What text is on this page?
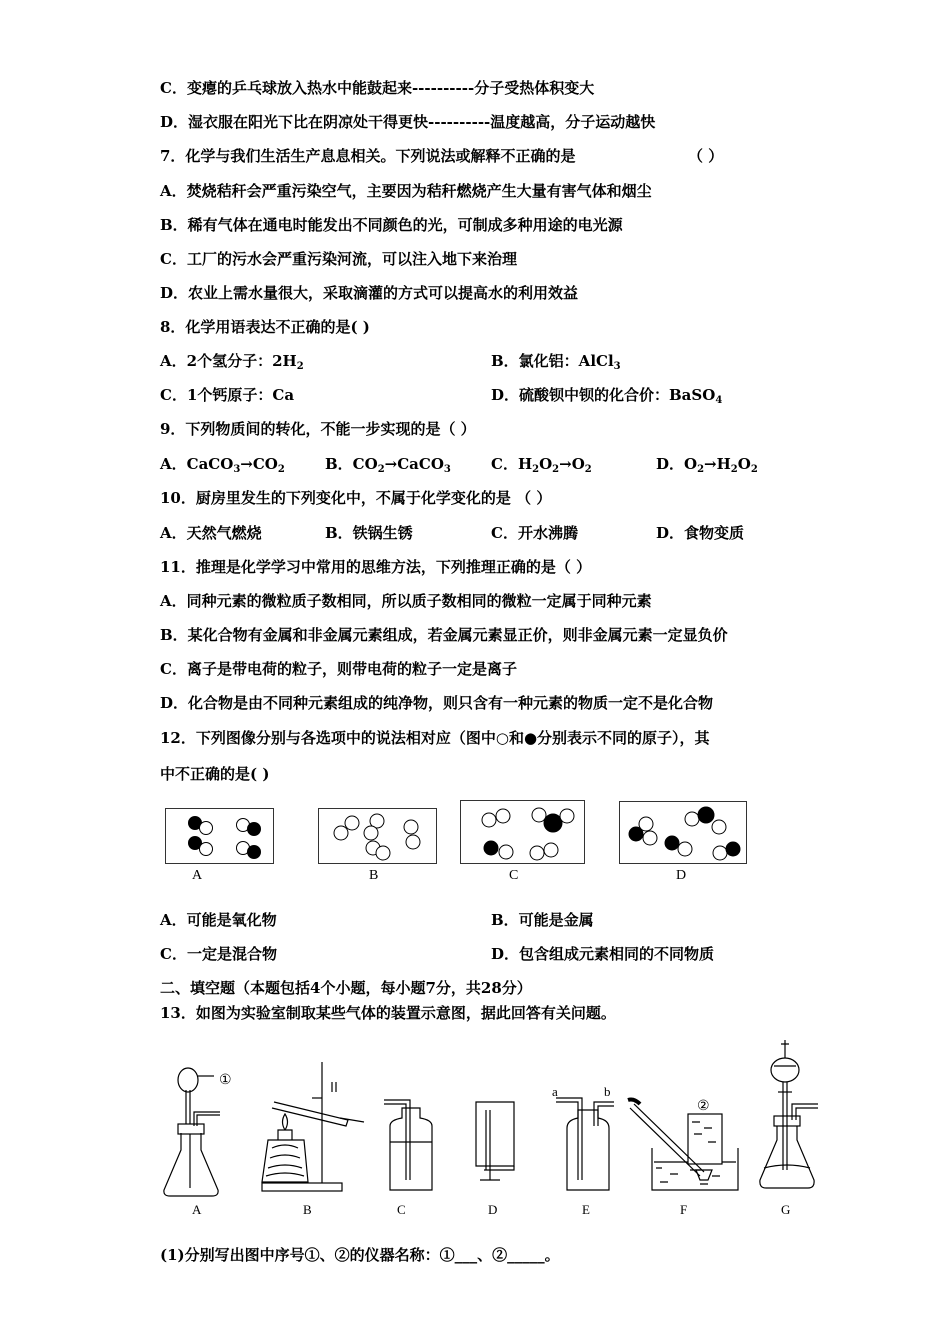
C．变瘪的乒乓球放入热水中能鼓起来----------分子受热体积变大
D．湿衣服在阳光下比在阴凉处干得更快----------温度越高，分子运动越快
7．化学与我们生活生产息息相关。下列说法或解释不正确的是	（ ）
A．焚烧秸秆会严重污染空气，主要因为秸秆燃烧产生大量有害气体和烟尘
B．稀有气体在通电时能发出不同颜色的光，可制成多种用途的电光源
C．工厂的污水会严重污染河流，可以注入地下来治理
D．农业上需水量很大，采取滴灌的方式可以提高水的利用效益
8．化学用语表达不正确的是( )
A．2个氢分子：$2H_2$	B．氯化铝：AlCl$_3$
C．1个钙原子：Ca	D．硫酸钡中钡的化合价：BaSO$_4$
9．下列物质间的转化，不能一步实现的是（ ）
A．$CaCO_3\to CO_2$	B．$CO_2\to CaCO_3$	C．$H_2O_2\to O_2$	D．$O_2\to H_2O_2$
10．厨房里发生的下列变化中，不属于化学变化的是 （ ）
A．天然气燃烧	B．铁锅生锈	C．开水沸腾	D．食物变质
11．推理是化学学习中常用的思维方法，下列推理正确的是（ ）
A．同种元素的微粒质子数相同，所以质子数相同的微粒一定属于同种元素
B．某化合物有金属和非金属元素组成，若金属元素显正价，则非金属元素一定显负价
C．离子是带电荷的粒子，则带电荷的粒子一定是离子
D．化合物是由不同种元素组成的纯净物，则只含有一种元素的物质一定不是化合物
12．下列图像分别与各选项中的说法相对应（图中○和●分别表示不同的原子），其
中不正确的是( )
A	B	C	D
A．可能是氧化物	B．可能是金属
C．一定是混合物	D．包含组成元素相同的不同物质
二、填空题（本题包括4个小题，每小题7分，共28分）
13．如图为实验室制取某些气体的装置示意图，据此回答有关问题。
①
②
a	b
A	B	C	D	E	F	G
(1)分别写出图中序号①、②的仪器名称：①___、②_____。
